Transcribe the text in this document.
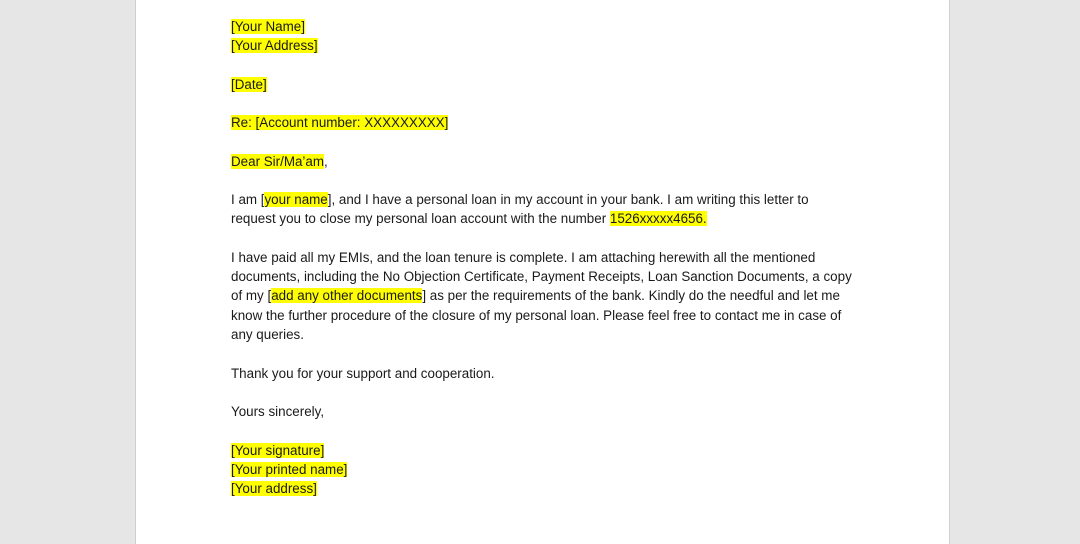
[Your Name]
[Your Address]
[Date]
Re: [Account number: XXXXXXXXX]
Dear Sir/Ma’am,
I am [your name], and I have a personal loan in my account in your bank. I am writing this letter to
request you to close my personal loan account with the number 1526xxxxx4656.
I have paid all my EMIs, and the loan tenure is complete. I am attaching herewith all the mentioned
documents, including the No Objection Certificate, Payment Receipts, Loan Sanction Documents, a copy
of my [add any other documents] as per the requirements of the bank. Kindly do the needful and let me
know the further procedure of the closure of my personal loan. Please feel free to contact me in case of
any queries.
Thank you for your support and cooperation.
Yours sincerely,
[Your signature]
[Your printed name]
[Your address]
